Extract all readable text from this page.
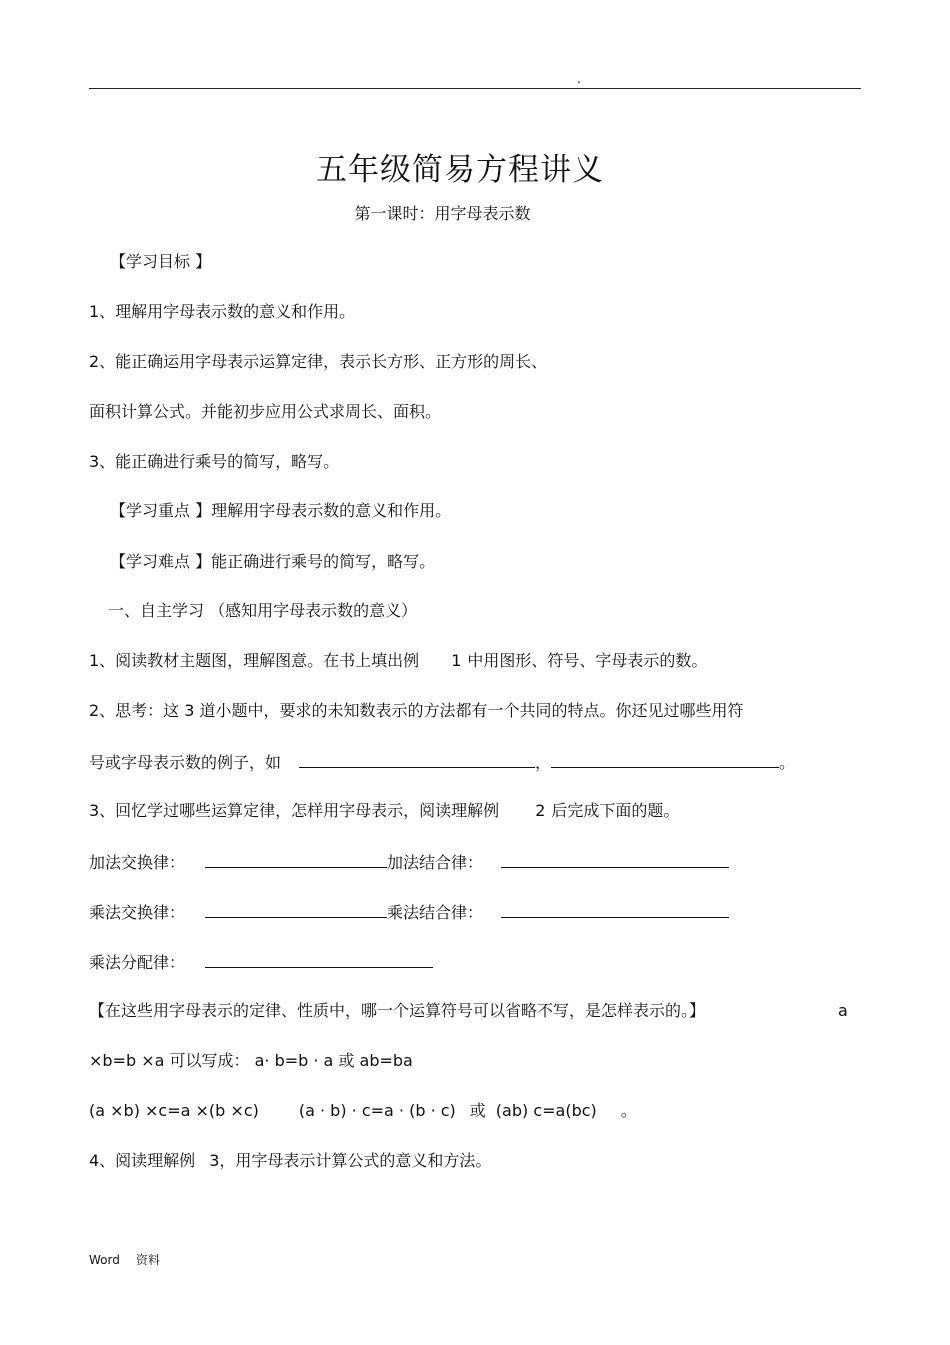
.
五年级简易方程讲义
第一课时：用字母表示数
【学习目标 】
1、理解用字母表示数的意义和作用。
2、能正确运用字母表示运算定律，表示长方形、正方形的周长、
面积计算公式。并能初步应用公式求周长、面积。
3、能正确进行乘号的简写，略写。
【学习重点 】理解用字母表示数的意义和作用。
【学习难点 】能正确进行乘号的简写，略写。
一、自主学习 （感知用字母表示数的意义）
1、阅读教材主题图，理解图意。在书上填出例 1 中用图形、符号、字母表示的数。
2、思考：这 3 道小题中，要求的未知数表示的方法都有一个共同的特点。你还见过哪些用符
号或字母表示数的例子，如	，	。
3、回忆学过哪些运算定律，怎样用字母表示，阅读理解例 2 后完成下面的题。
加法交换律：	加法结合律：
乘法交换律：	乘法结合律：
乘法分配律：
【在这些用字母表示的定律、性质中，哪一个运算符号可以省略不写，是怎样表示的。】	a
×b=b ×a 可以写成： a· b=b · a 或 ab=ba
(a ×b) ×c=a ×(b ×c)	(a · b) · c=a · (b · c) 或 (ab) c=a(bc) 。
4、阅读理解例 3，用字母表示计算公式的意义和方法。
Word 资料
